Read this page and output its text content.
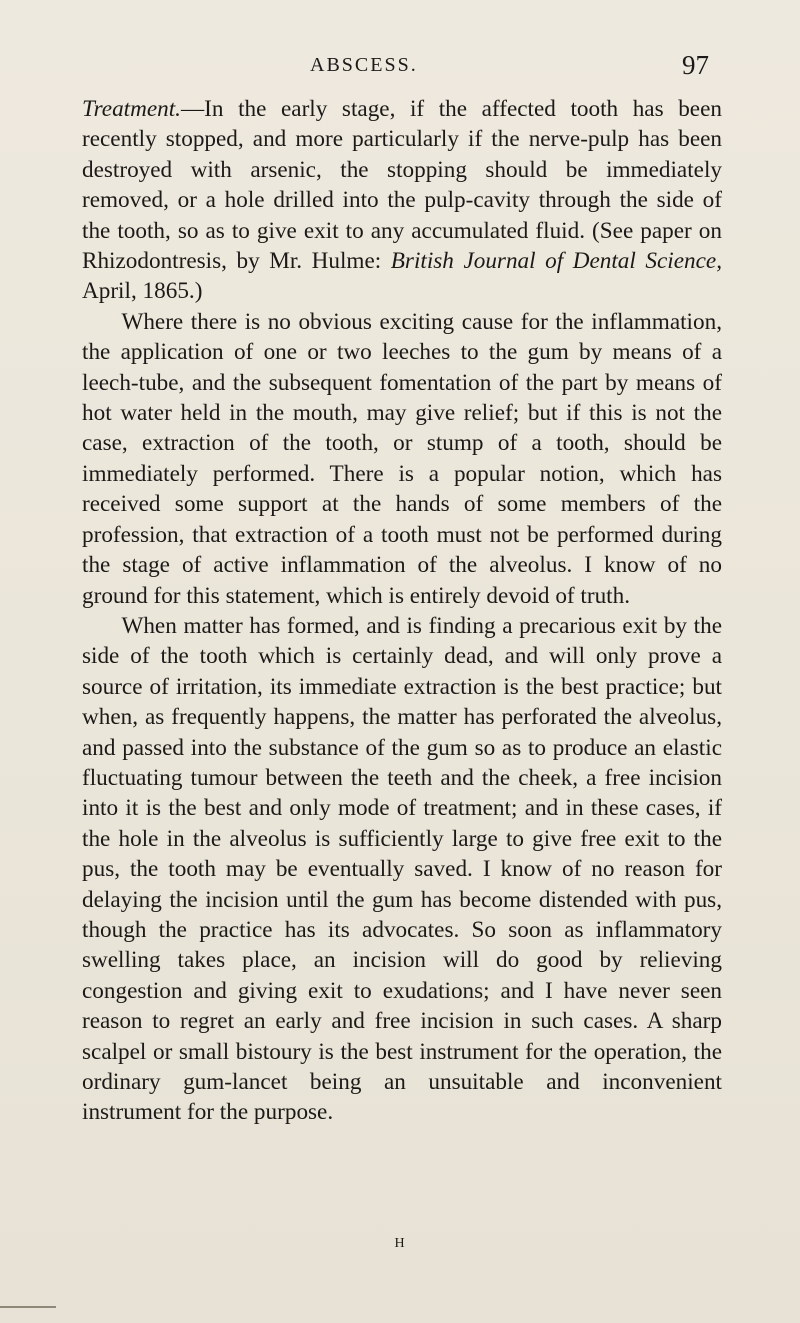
ABSCESS.	97

Treatment.—In the early stage, if the affected tooth has been recently stopped, and more particularly if the nerve-pulp has been destroyed with arsenic, the stopping should be immediately removed, or a hole drilled into the pulp-cavity through the side of the tooth, so as to give exit to any accumulated fluid. (See paper on Rhizodontresis, by Mr. Hulme: British Journal of Dental Science, April, 1865.)

Where there is no obvious exciting cause for the inflammation, the application of one or two leeches to the gum by means of a leech-tube, and the subsequent fomentation of the part by means of hot water held in the mouth, may give relief; but if this is not the case, extraction of the tooth, or stump of a tooth, should be immediately performed. There is a popular notion, which has received some support at the hands of some members of the profession, that extraction of a tooth must not be performed during the stage of active inflammation of the alveolus. I know of no ground for this statement, which is entirely devoid of truth.

When matter has formed, and is finding a precarious exit by the side of the tooth which is certainly dead, and will only prove a source of irritation, its immediate extraction is the best practice; but when, as frequently happens, the matter has perforated the alveolus, and passed into the substance of the gum so as to produce an elastic fluctuating tumour between the teeth and the cheek, a free incision into it is the best and only mode of treatment; and in these cases, if the hole in the alveolus is sufficiently large to give free exit to the pus, the tooth may be eventually saved. I know of no reason for delaying the incision until the gum has become distended with pus, though the practice has its advocates. So soon as inflammatory swelling takes place, an incision will do good by relieving congestion and giving exit to exudations; and I have never seen reason to regret an early and free incision in such cases. A sharp scalpel or small bistoury is the best instrument for the operation, the ordinary gum-lancet being an unsuitable and inconvenient instrument for the purpose.

H
